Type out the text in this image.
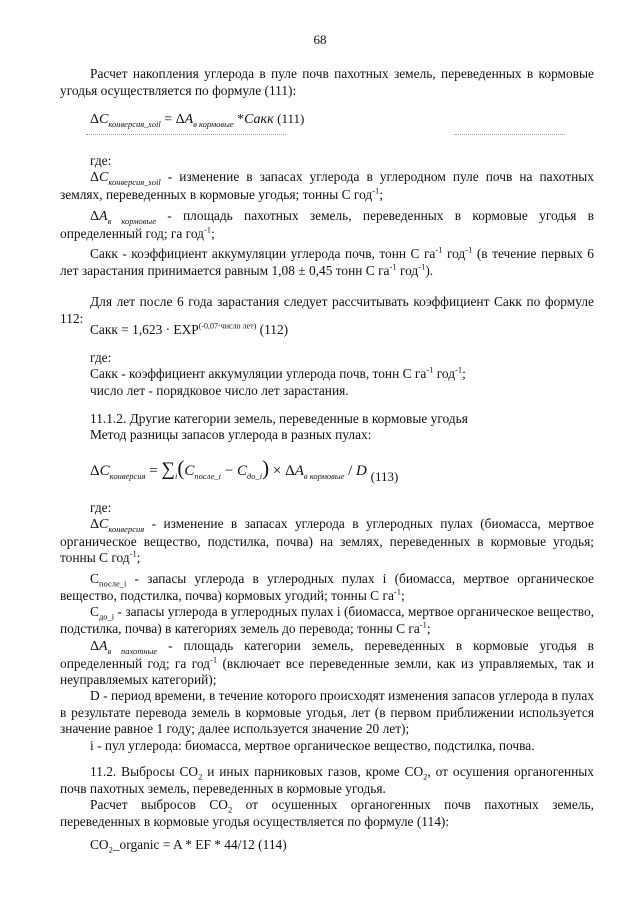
68

Расчет накопления углерода в пуле почв пахотных земель, переведенных в кормовые угодья осуществляется по формуле (111):

$\Delta C_{конверсия\_soil} = \Delta A_{в кормовые}$ *Сакк (111)

где:

$\Delta C_{конверсия\_soil}$ - изменение в запасах углерода в углеродном пуле почв на пахотных землях, переведенных в кормовые угодья; тонны С год$^{-1}$;

$\Delta A_{в кормовые}$ - площадь пахотных земель, переведенных в кормовые угодья в определенный год; га год$^{-1}$;

Сакк - коэффициент аккумуляции углерода почв, тонн С $га^{-1}$ год$^{-1}$ (в течение первых 6 лет зарастания принимается равным 1,08 ± 0,45 тонн С $га^{-1}$ год$^{-1}$).

Для лет после 6 года зарастания следует рассчитывать коэффициент Сакк по формуле 112:

Сакк = $1,623 \cdot EXP^{(-0,07\cdot число лет)}$ (112)

где:

Сакк - коэффициент аккумуляции углерода почв, тонн С $га^{-1}$ год$^{-1}$;

число лет - порядковое число лет зарастания.

11.1.2. Другие категории земель, переведенные в кормовые угодья

Метод разницы запасов углерода в разных пулах:

$\Delta C_{конверсия} = \sum_i(C_{после\_i} - C_{до\_i}) \times \Delta A_{в кормовые} / D$ (113)

где:

$\Delta C_{конверсия}$ - изменение в запасах углерода в углеродных пулах (биомасса, мертвое органическое вещество, подстилка, почва) на землях, переведенных в кормовые угодья; тонны С год$^{-1}$;

$С_{после\_i}$ - запасы углерода в углеродных пулах i (биомасса, мертвое органическое вещество, подстилка, почва) кормовых угодий; тонны С $га^{-1}$;

$С_{до\_i}$ - запасы углерода в углеродных пулах i (биомасса, мертвое органическое вещество, подстилка, почва) в категориях земель до перевода; тонны С $га^{-1}$;

$\Delta A_{в пахотные}$ - площадь категории земель, переведенных в кормовые угодья в определенный год; га год$^{-1}$ (включает все переведенные земли, как из управляемых, так и неуправляемых категорий);

D - период времени, в течение которого происходят изменения запасов углерода в пулах в результате перевода земель в кормовые угодья, лет (в первом приближении используется значение равное 1 году; далее используется значение 20 лет);

i - пул углерода: биомасса, мертвое органическое вещество, подстилка, почва.

11.2. Выбросы $СО_2$ и иных парниковых газов, кроме $СО_2$, от осушения органогенных почв пахотных земель, переведенных в кормовые угодья.

Расчет выбросов $СО_2$ от осушенных органогенных почв пахотных земель, переведенных в кормовые угодья осуществляется по формуле (114):

$CO_2\_organic = A$ * EF * 44/12 (114)
